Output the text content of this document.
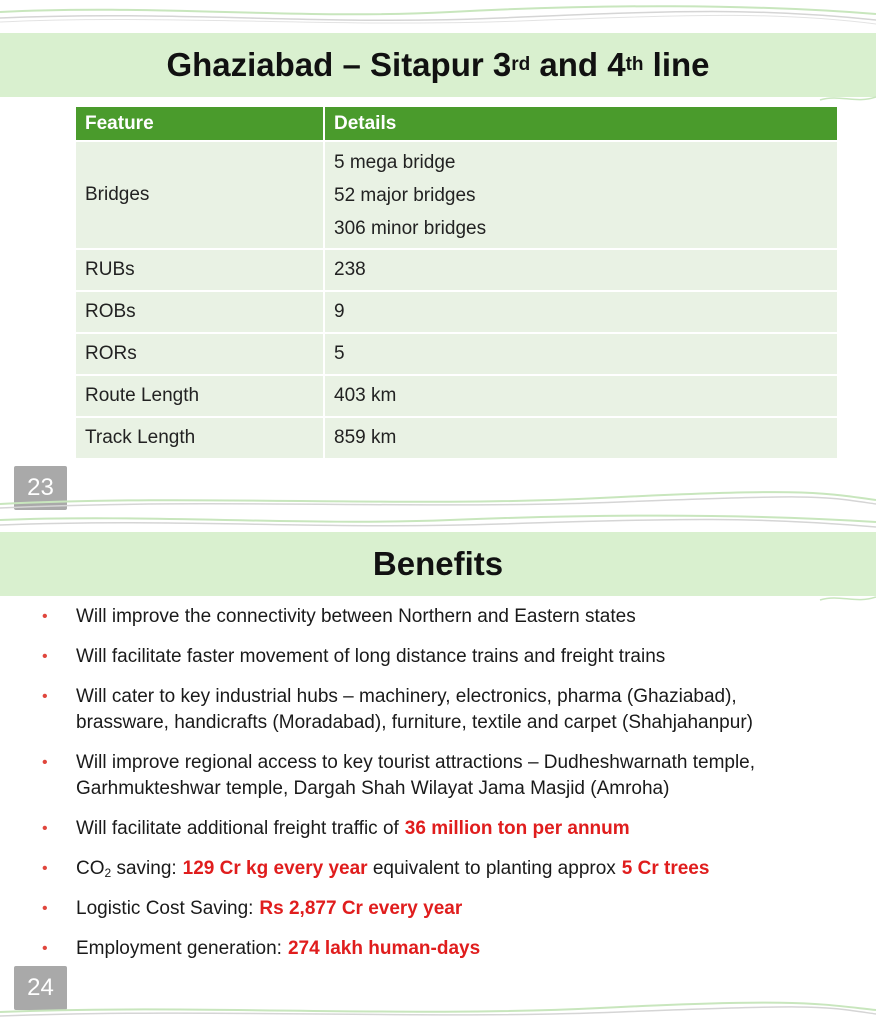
Ghaziabad – Sitapur 3 rd and 4 th line
Feature	Details
Bridges	5 mega bridge
52 major bridges
306 minor bridges

RUBs	238
ROBs	9
RORs	5
Route Length	403 km
Track Length	859 km
23
Benefits
• Will improve the connectivity between Northern and Eastern states
• Will facilitate faster movement of long distance trains and freight trains
• Will cater to key industrial hubs – machinery, electronics, pharma (Ghaziabad),
brassware, handicrafts (Moradabad), furniture, textile and carpet (Shahjahanpur)
• Will improve regional access to key tourist attractions – Dudheshwarnath temple,
Garhmukteshwar temple, Dargah Shah Wilayat Jama Masjid (Amroha)
• Will facilitate additional freight traffic of 36 million ton per annum
• $CO_2$ saving: 129 Cr kg every year equivalent to planting approx 5 Cr trees
• Logistic Cost Saving: Rs 2,877 Cr every year
• Employment generation: 274 lakh human-days
24
